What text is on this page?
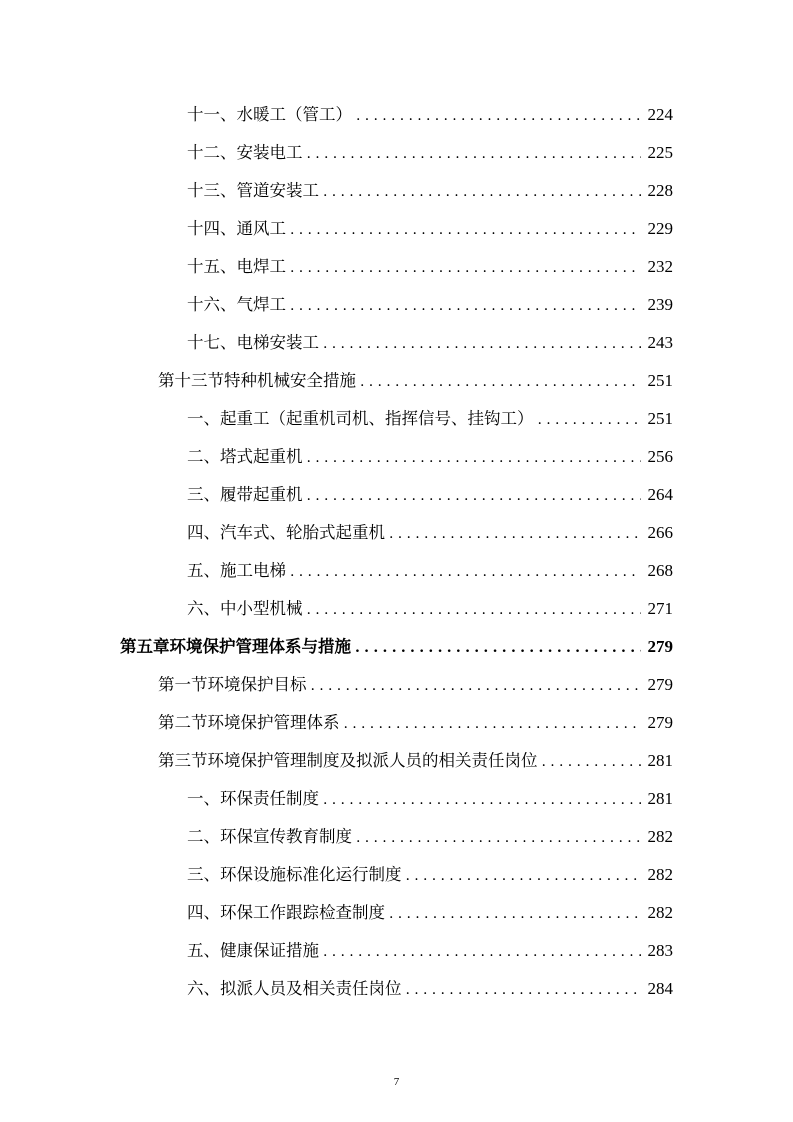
十一、 水暖工（管工） .....	224
十二、 安装电工 .....	225
十三、 管道安装工 .....	228
十四、 通风工 .....	229
十五、 电焊工 .....	232
十六、 气焊工 .....	239
十七、 电梯安装工 .....	243
第十三节 特种机械安全措施 .....	251
一、 起重工（起重机司机、指挥信号、挂钩工） .....	251
二、 塔式起重机 .....	256
三、 履带起重机 .....	264
四、 汽车式、轮胎式起重机 .....	266
五、 施工电梯 .....	268
六、 中小型机械 .....	271
第五章 环境保护管理体系与措施 .....	279
第一节 环境保护目标 .....	279
第二节 环境保护管理体系 .....	279
第三节 环境保护管理制度及拟派人员的相关责任岗位 .....	281
一、 环保责任制度 .....	281
二、 环保宣传教育制度 .....	282
三、 环保设施标准化运行制度 .....	282
四、 环保工作跟踪检查制度 .....	282
五、 健康保证措施 .....	283
六、 拟派人员及相关责任岗位 .....	284
7
